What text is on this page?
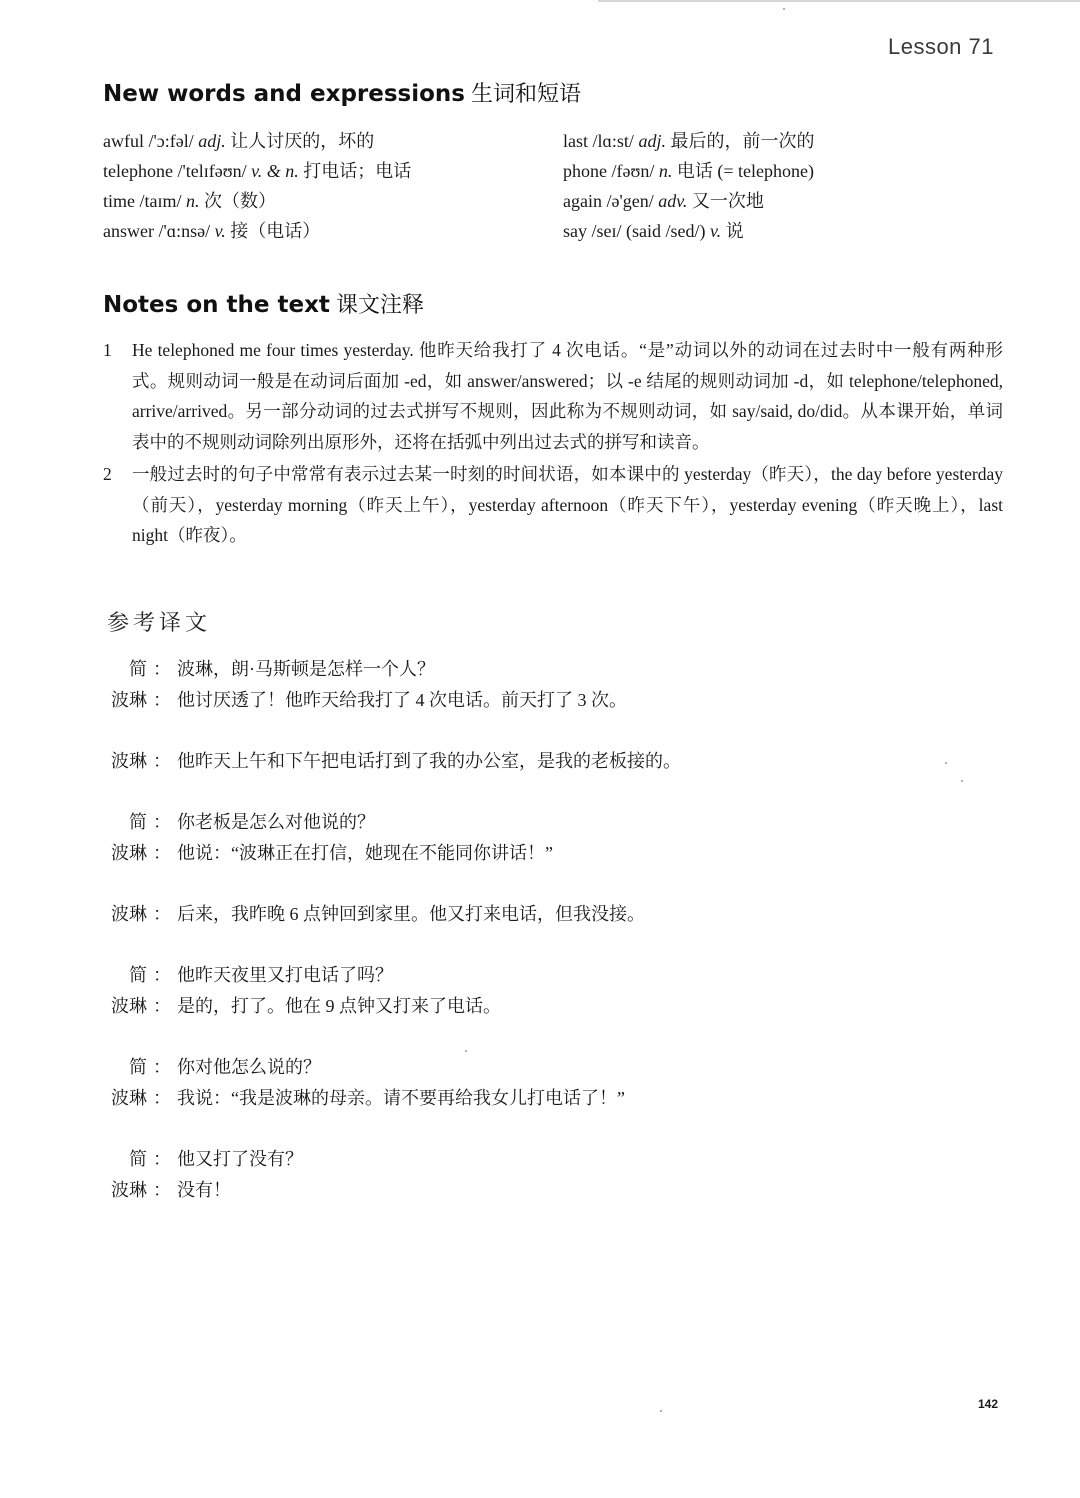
Lesson 71
New words and expressions 生词和短语
awful /'ɔ:fəl/ adj. 让人讨厌的，坏的
telephone /'telɪfəʊn/ v. & n. 打电话；电话
time /taɪm/ n. 次（数）
answer /'ɑ:nsə/ v. 接（电话）
last /lɑ:st/ adj. 最后的，前一次的
phone /fəʊn/ n. 电话 (= telephone)
again /ə'gen/ adv. 又一次地
say /seɪ/ (said /sed/) v. 说
Notes on the text 课文注释
1 He telephoned me four times yesterday. 他昨天给我打了 4 次电话。“是”动词以外的动词在过去时中一般有两种形式。规则动词一般是在动词后面加 -ed，如 answer/answered；以 -e 结尾的规则动词加 -d，如 telephone/telephoned, arrive/arrived。另一部分动词的过去式拼写不规则，因此称为不规则动词，如 say/said, do/did。从本课开始，单词表中的不规则动词除列出原形外，还将在括弧中列出过去式的拼写和读音。
2 一般过去时的句子中常常有表示过去某一时刻的时间状语，如本课中的 yesterday（昨天），the day before yesterday（前天），yesterday morning（昨天上午），yesterday afternoon（昨天下午），yesterday evening（昨天晚上），last night（昨夜）。
参考译文
简 ： 波琳，朗·马斯顿是怎样一个人？
波琳 ： 他讨厌透了！他昨天给我打了 4 次电话。前天打了 3 次。
波琳 ： 他昨天上午和下午把电话打到了我的办公室，是我的老板接的。
简 ： 你老板是怎么对他说的？
波琳 ： 他说：“波琳正在打信，她现在不能同你讲话！”
波琳 ： 后来，我昨晚 6 点钟回到家里。他又打来电话，但我没接。
简 ： 他昨天夜里又打电话了吗？
波琳 ： 是的，打了。他在 9 点钟又打来了电话。
简 ： 你对他怎么说的？
波琳 ： 我说：“我是波琳的母亲。请不要再给我女儿打电话了！”
简 ： 他又打了没有？
波琳 ： 没有！
142
